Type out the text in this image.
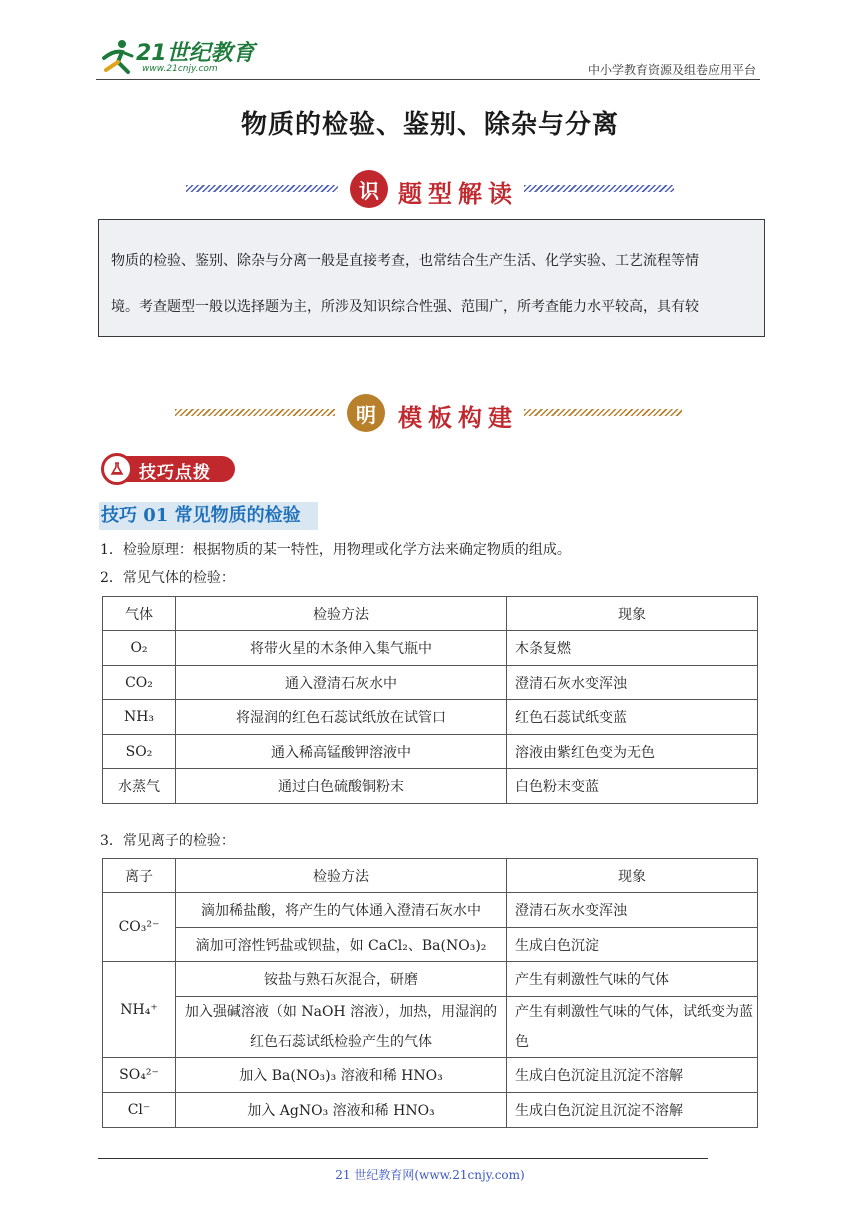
21世纪教育
www.21cnjy.com	中小学教育资源及组卷应用平台
物质的检验、鉴别、除杂与分离
识 题型解读
物质的检验、鉴别、除杂与分离一般是直接考查，也常结合生产生活、化学实验、工艺流程等情
境。考查题型一般以选择题为主，所涉及知识综合性强、范围广，所考查能力水平较高，具有较
明 模板构建
技巧点拨
技巧 01 常见物质的检验
1．检验原理：根据物质的某一特性，用物理或化学方法来确定物质的组成。
2．常见气体的检验：
气体	检验方法	现象
O₂	将带火星的木条伸入集气瓶中	木条复燃
CO₂	通入澄清石灰水中	澄清石灰水变浑浊
NH₃	将湿润的红色石蕊试纸放在试管口	红色石蕊试纸变蓝
SO₂	通入稀高锰酸钾溶液中	溶液由紫红色变为无色
水蒸气	通过白色硫酸铜粉末	白色粉末变蓝
3．常见离子的检验：
离子	检验方法	现象
CO₃²⁻	滴加稀盐酸，将产生的气体通入澄清石灰水中	澄清石灰水变浑浊
	滴加可溶性钙盐或钡盐，如 CaCl₂、Ba(NO₃)₂	生成白色沉淀
NH₄⁺	铵盐与熟石灰混合，研磨	产生有刺激性气味的气体
	加入强碱溶液（如 NaOH 溶液），加热，用湿润的红色石蕊试纸检验产生的气体	产生有刺激性气味的气体，试纸变为蓝色
SO₄²⁻	加入 Ba(NO₃)₃ 溶液和稀 HNO₃	生成白色沉淀且沉淀不溶解
Cl⁻	加入 AgNO₃ 溶液和稀 HNO₃	生成白色沉淀且沉淀不溶解
21 世纪教育网(www.21cnjy.com)
